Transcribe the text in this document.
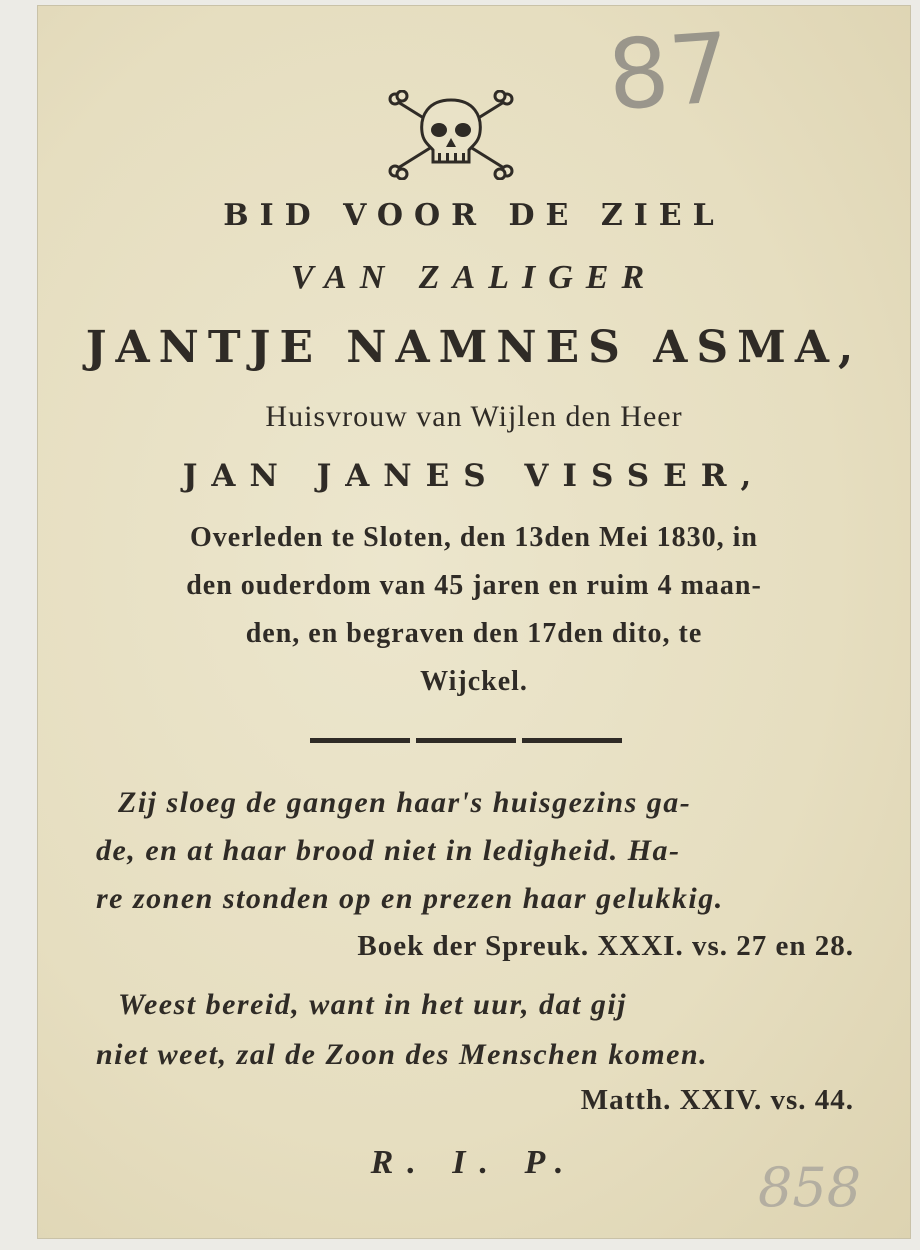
87
BID VOOR DE ZIEL
VAN ZALIGER
JANTJE NAMNES ASMA,
Huisvrouw van Wijlen den Heer
JAN JANES VISSER,
Overleden te Sloten, den 13den Mei 1830, in
den ouderdom van 45 jaren en ruim 4 maan-
den, en begraven den 17den dito, te
Wijckel.
Zij sloeg de gangen haar's huisgezins ga-
de, en at haar brood niet in ledigheid. Ha-
re zonen stonden op en prezen haar gelukkig.
Boek der Spreuk. XXXI. vs. 27 en 28.
Weest bereid, want in het uur, dat gij
niet weet, zal de Zoon des Menschen komen.
Matth. XXIV. vs. 44.
R. I. P.	858
